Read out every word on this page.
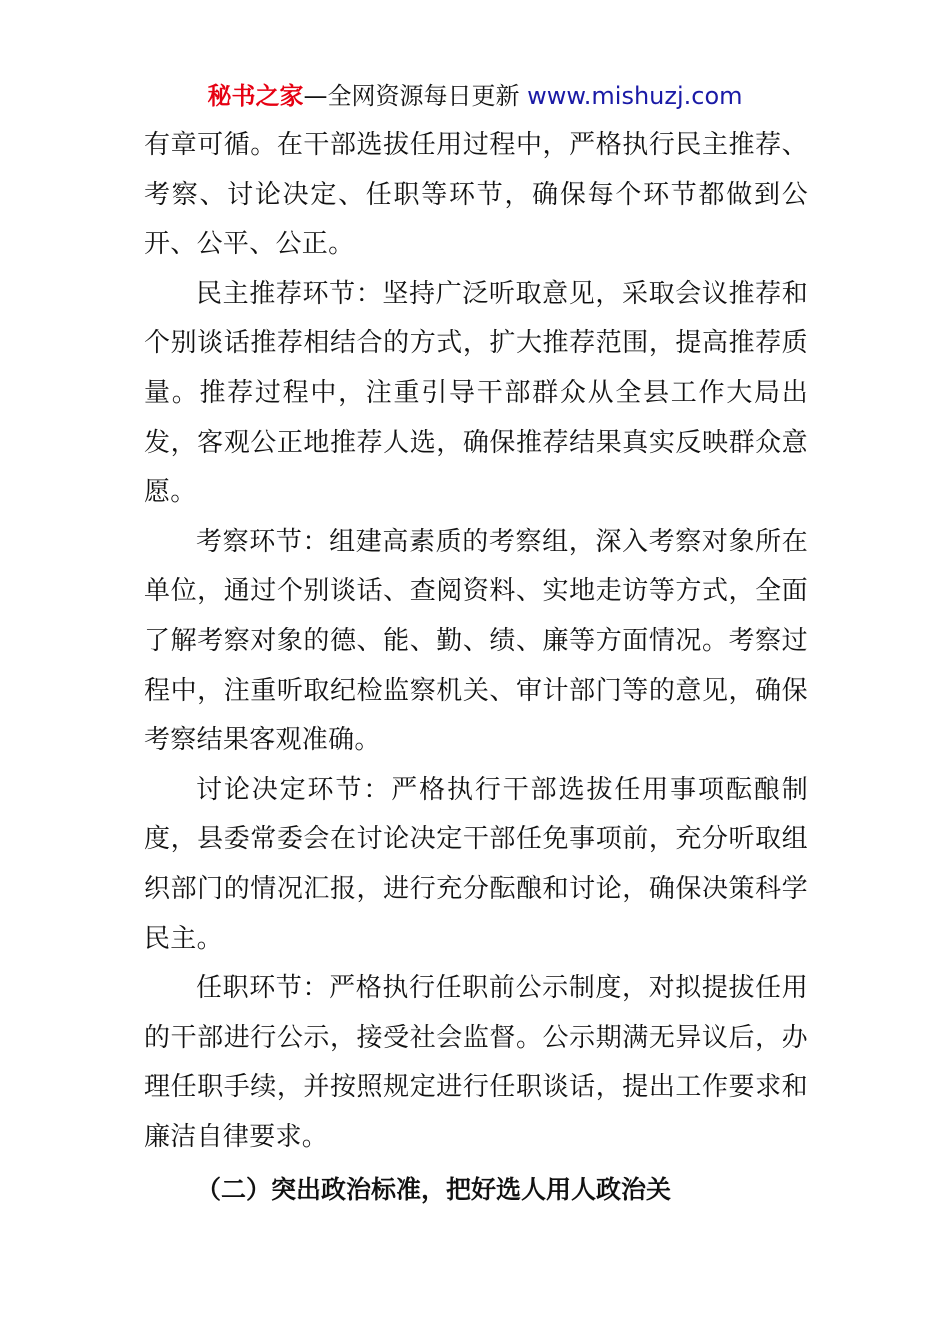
秘书之家—全网资源每日更新 www.mishuzj.com

有章可循。在干部选拔任用过程中，严格执行民主推荐、考察、讨论决定、任职等环节，确保每个环节都做到公开、公平、公正。

民主推荐环节：坚持广泛听取意见，采取会议推荐和个别谈话推荐相结合的方式，扩大推荐范围，提高推荐质量。推荐过程中，注重引导干部群众从全县工作大局出发，客观公正地推荐人选，确保推荐结果真实反映群众意愿。

考察环节：组建高素质的考察组，深入考察对象所在单位，通过个别谈话、查阅资料、实地走访等方式，全面了解考察对象的德、能、勤、绩、廉等方面情况。考察过程中，注重听取纪检监察机关、审计部门等的意见，确保考察结果客观准确。

讨论决定环节：严格执行干部选拔任用事项酝酿制度，县委常委会在讨论决定干部任免事项前，充分听取组织部门的情况汇报，进行充分酝酿和讨论，确保决策科学民主。

任职环节：严格执行任职前公示制度，对拟提拔任用的干部进行公示，接受社会监督。公示期满无异议后，办理任职手续，并按照规定进行任职谈话，提出工作要求和廉洁自律要求。

（二）突出政治标准，把好选人用人政治关
